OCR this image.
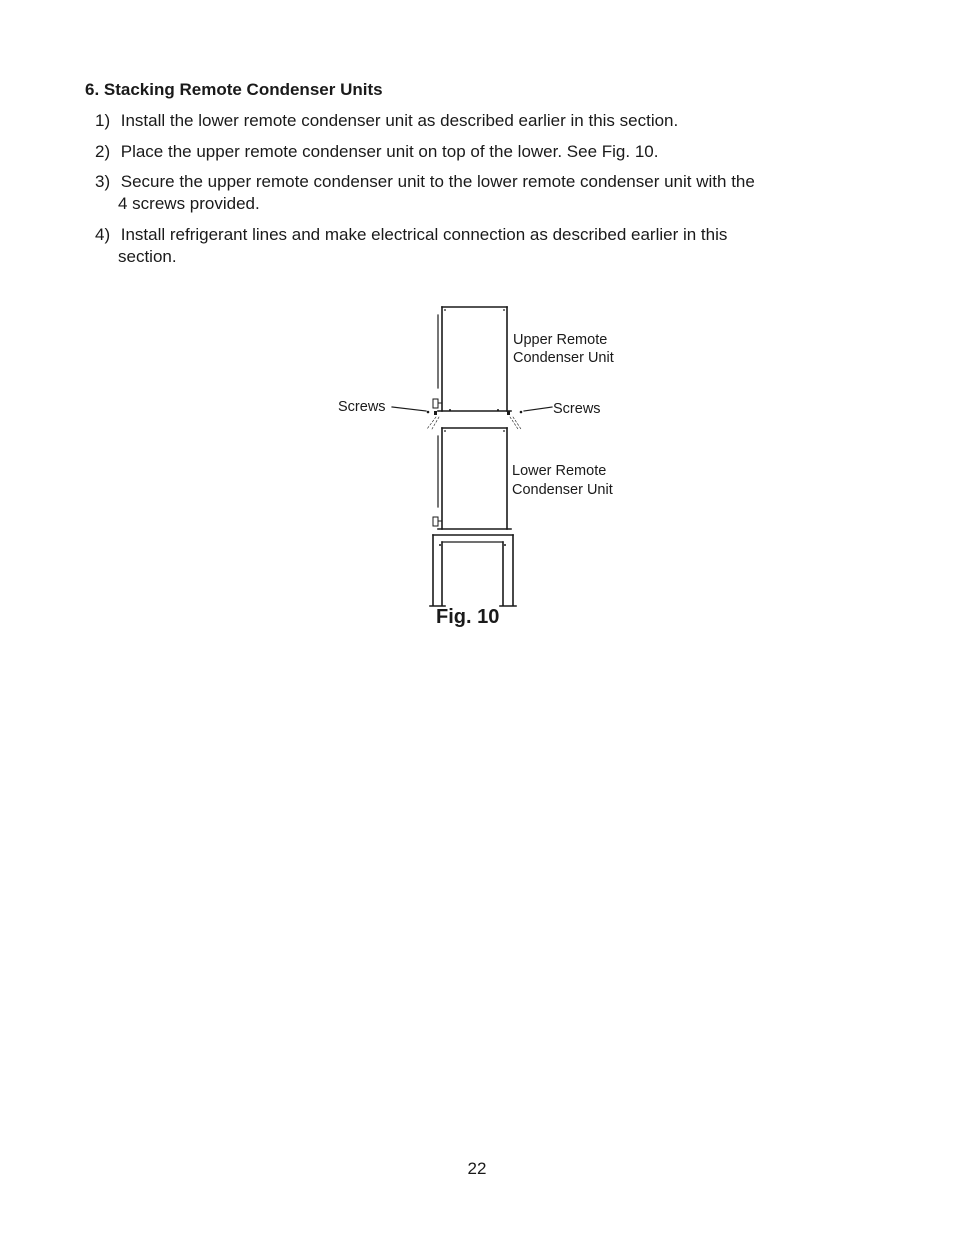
6. Stacking Remote Condenser Units

1) Install the lower remote condenser unit as described earlier in this section.

2) Place the upper remote condenser unit on top of the lower. See Fig. 10.

3) Secure the upper remote condenser unit to the lower remote condenser unit with the
4 screws provided.

4) Install refrigerant lines and make electrical connection as described earlier in this
section.

Upper Remote

Condenser Unit

Screws	Screws

Lower Remote

Condenser Unit

Fig. 10

22
